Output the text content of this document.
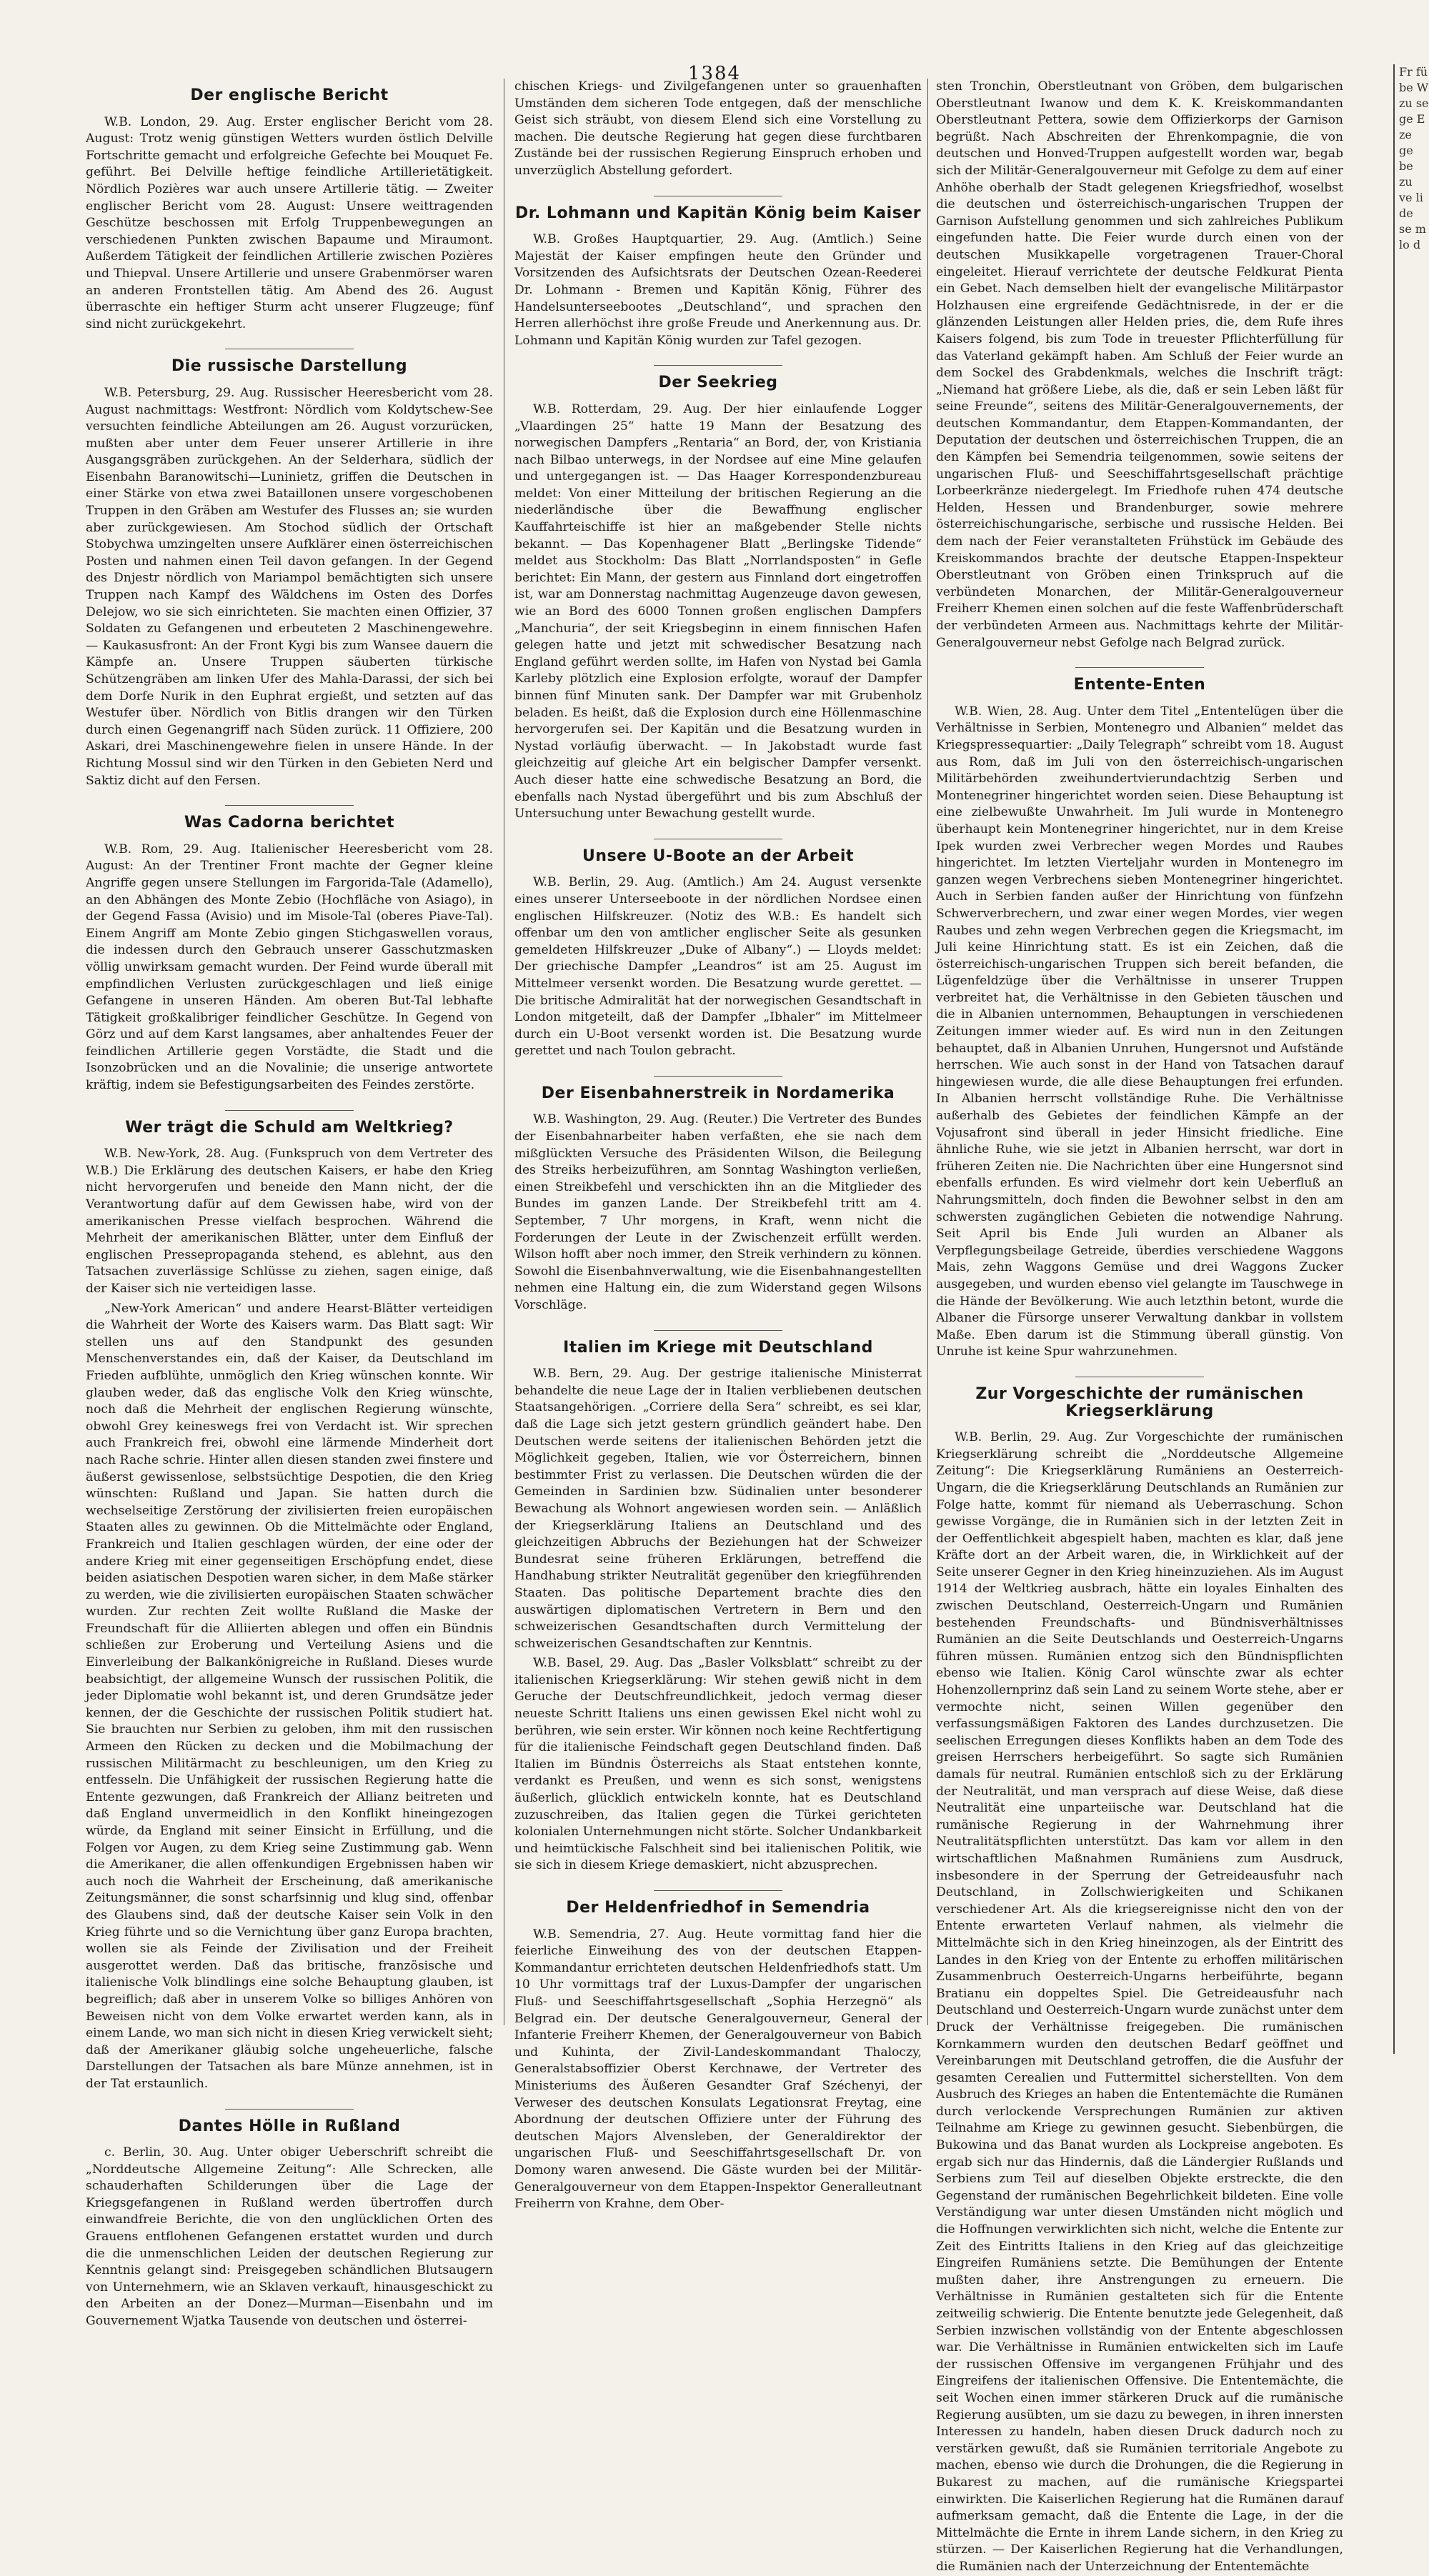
1384
Der englische Bericht

W.B. London, 29. Aug. Erster englischer Bericht vom 28. August: Trotz wenig günstigen Wetters wurden östlich Delville Fortschritte gemacht und erfolgreiche Gefechte bei Mouquet Fe. geführt. Bei Delville heftige feindliche Artillerietätigkeit. Nördlich Pozières war auch unsere Artillerie tätig. — Zweiter englischer Bericht vom 28. August: Unsere weittragenden Geschütze beschossen mit Erfolg Truppenbewegungen an verschiedenen Punkten zwischen Bapaume und Miraumont. Außerdem Tätigkeit der feindlichen Artillerie zwischen Pozières und Thiepval. Unsere Artillerie und unsere Grabenmörser waren an anderen Frontstellen tätig. Am Abend des 26. August überraschte ein heftiger Sturm acht unserer Flugzeuge; fünf sind nicht zurückgekehrt.

Die russische Darstellung

W.B. Petersburg, 29. Aug. Russischer Heeresbericht vom 28. August nachmittags: Westfront: Nördlich vom Koldytschew-See versuchten feindliche Abteilungen am 26. August vorzurücken, mußten aber unter dem Feuer unserer Artillerie in ihre Ausgangsgräben zurückgehen. An der Selderhara, südlich der Eisenbahn Baranowitschi—Luninietz, griffen die Deutschen in einer Stärke von etwa zwei Bataillonen unsere vorgeschobenen Truppen in den Gräben am Westufer des Flusses an; sie wurden aber zurückgewiesen. Am Stochod südlich der Ortschaft Stobychwa umzingelten unsere Aufklärer einen österreichischen Posten und nahmen einen Teil davon gefangen. In der Gegend des Dnjestr nördlich von Mariampol bemächtigten sich unsere Truppen nach Kampf des Wäldchens im Osten des Dorfes Delejow, wo sie sich einrichteten. Sie machten einen Offizier, 37 Soldaten zu Gefangenen und erbeuteten 2 Maschinengewehre. — Kaukasusfront: An der Front Kygi bis zum Wansee dauern die Kämpfe an. Unsere Truppen säuberten türkische Schützengräben am linken Ufer des Mahla-Darassi, der sich bei dem Dorfe Nurik in den Euphrat ergießt, und setzten auf das Westufer über. Nördlich von Bitlis drangen wir den Türken durch einen Gegenangriff nach Süden zurück. 11 Offiziere, 200 Askari, drei Maschinengewehre fielen in unsere Hände. In der Richtung Mossul sind wir den Türken in den Gebieten Nerd und Saktiz dicht auf den Fersen.

Was Cadorna berichtet

W.B. Rom, 29. Aug. Italienischer Heeresbericht vom 28. August: An der Trentiner Front machte der Gegner kleine Angriffe gegen unsere Stellungen im Fargorida-Tale (Adamello), an den Abhängen des Monte Zebio (Hochfläche von Asiago), in der Gegend Fassa (Avisio) und im Misole-Tal (oberes Piave-Tal). Einem Angriff am Monte Zebio gingen Stichgaswellen voraus, die indessen durch den Gebrauch unserer Gasschutzmasken völlig unwirksam gemacht wurden. Der Feind wurde überall mit empfindlichen Verlusten zurückgeschlagen und ließ einige Gefangene in unseren Händen. Am oberen But-Tal lebhafte Tätigkeit großkalibriger feindlicher Geschütze. In Gegend von Görz und auf dem Karst langsames, aber anhaltendes Feuer der feindlichen Artillerie gegen Vorstädte, die Stadt und die Isonzobrücken und an die Novalinie; die unserige antwortete kräftig, indem sie Befestigungsarbeiten des Feindes zerstörte.

Wer trägt die Schuld am Weltkrieg?

W.B. New-York, 28. Aug. (Funkspruch von dem Vertreter des W.B.) Die Erklärung des deutschen Kaisers, er habe den Krieg nicht hervorgerufen und beneide den Mann nicht, der die Verantwortung dafür auf dem Gewissen habe, wird von der amerikanischen Presse vielfach besprochen. Während die Mehrheit der amerikanischen Blätter, unter dem Einfluß der englischen Pressepropaganda stehend, es ablehnt, aus den Tatsachen zuverlässige Schlüsse zu ziehen, sagen einige, daß der Kaiser sich nie verteidigen lasse.

„New-York American“ und andere Hearst-Blätter verteidigen die Wahrheit der Worte des Kaisers warm. Das Blatt sagt: Wir stellen uns auf den Standpunkt des gesunden Menschenverstandes ein, daß der Kaiser, da Deutschland im Frieden aufblühte, unmöglich den Krieg wünschen konnte. Wir glauben weder, daß das englische Volk den Krieg wünschte, noch daß die Mehrheit der englischen Regierung wünschte, obwohl Grey keineswegs frei von Verdacht ist. Wir sprechen auch Frankreich frei, obwohl eine lärmende Minderheit dort nach Rache schrie. Hinter allen diesen standen zwei finstere und äußerst gewissenlose, selbstsüchtige Despotien, die den Krieg wünschten: Rußland und Japan. Sie hatten durch die wechselseitige Zerstörung der zivilisierten freien europäischen Staaten alles zu gewinnen. Ob die Mittelmächte oder England, Frankreich und Italien geschlagen würden, der eine oder der andere Krieg mit einer gegenseitigen Erschöpfung endet, diese beiden asiatischen Despotien waren sicher, in dem Maße stärker zu werden, wie die zivilisierten europäischen Staaten schwächer wurden. Zur rechten Zeit wollte Rußland die Maske der Freundschaft für die Alliierten ablegen und offen ein Bündnis schließen zur Eroberung und Verteilung Asiens und die Einverleibung der Balkankönigreiche in Rußland. Dieses wurde beabsichtigt, der allgemeine Wunsch der russischen Politik, die jeder Diplomatie wohl bekannt ist, und deren Grundsätze jeder kennen, der die Geschichte der russischen Politik studiert hat. Sie brauchten nur Serbien zu geloben, ihm mit den russischen Armeen den Rücken zu decken und die Mobilmachung der russischen Militärmacht zu beschleunigen, um den Krieg zu entfesseln. Die Unfähigkeit der russischen Regierung hatte die Entente gezwungen, daß Frankreich der Allianz beitreten und daß England unvermeidlich in den Konflikt hineingezogen würde, da England mit seiner Einsicht in Erfüllung, und die Folgen vor Augen, zu dem Krieg seine Zustimmung gab. Wenn die Amerikaner, die allen offenkundigen Ergebnissen haben wir auch noch die Wahrheit der Erscheinung, daß amerikanische Zeitungsmänner, die sonst scharfsinnig und klug sind, offenbar des Glaubens sind, daß der deutsche Kaiser sein Volk in den Krieg führte und so die Vernichtung über ganz Europa brachten, wollen sie als Feinde der Zivilisation und der Freiheit ausgerottet werden. Daß das britische, französische und italienische Volk blindlings eine solche Behauptung glauben, ist begreiflich; daß aber in unserem Volke so billiges Anhören von Beweisen nicht von dem Volke erwartet werden kann, als in einem Lande, wo man sich nicht in diesen Krieg verwickelt sieht; daß der Amerikaner gläubig solche ungeheuerliche, falsche Darstellungen der Tatsachen als bare Münze annehmen, ist in der Tat erstaunlich.

Dantes Hölle in Rußland

c. Berlin, 30. Aug. Unter obiger Ueberschrift schreibt die „Norddeutsche Allgemeine Zeitung“: Alle Schrecken, alle schauderhaften Schilderungen über die Lage der Kriegsgefangenen in Rußland werden übertroffen durch einwandfreie Berichte, die von den unglücklichen Orten des Grauens entflohenen Gefangenen erstattet wurden und durch die die unmenschlichen Leiden der deutschen Regierung zur Kenntnis gelangt sind: Preisgegeben schändlichen Blutsaugern von Unternehmern, wie an Sklaven verkauft, hinausgeschickt zu den Arbeiten an der Donez—Murman—Eisenbahn und im Gouvernement Wjatka Tausende von deutschen und österrei-

chischen Kriegs- und Zivilgefangenen unter so grauenhaften Umständen dem sicheren Tode entgegen, daß der menschliche Geist sich sträubt, von diesem Elend sich eine Vorstellung zu machen. Die deutsche Regierung hat gegen diese furchtbaren Zustände bei der russischen Regierung Einspruch erhoben und unverzüglich Abstellung gefordert.

Dr. Lohmann und Kapitän König beim Kaiser

W.B. Großes Hauptquartier, 29. Aug. (Amtlich.) Seine Majestät der Kaiser empfingen heute den Gründer und Vorsitzenden des Aufsichtsrats der Deutschen Ozean-Reederei Dr. Lohmann - Bremen und Kapitän König, Führer des Handelsunterseebootes „Deutschland“, und sprachen den Herren allerhöchst ihre große Freude und Anerkennung aus. Dr. Lohmann und Kapitän König wurden zur Tafel gezogen.

Der Seekrieg

W.B. Rotterdam, 29. Aug. Der hier einlaufende Logger „Vlaardingen 25“ hatte 19 Mann der Besatzung des norwegischen Dampfers „Rentaria“ an Bord, der, von Kristiania nach Bilbao unterwegs, in der Nordsee auf eine Mine gelaufen und untergegangen ist. — Das Haager Korrespondenzbureau meldet: Von einer Mitteilung der britischen Regierung an die niederländische über die Bewaffnung englischer Kauffahrteischiffe ist hier an maßgebender Stelle nichts bekannt. — Das Kopenhagener Blatt „Berlingske Tidende“ meldet aus Stockholm: Das Blatt „Norrlandsposten“ in Gefle berichtet: Ein Mann, der gestern aus Finnland dort eingetroffen ist, war am Donnerstag nachmittag Augenzeuge davon gewesen, wie an Bord des 6000 Tonnen großen englischen Dampfers „Manchuria“, der seit Kriegsbeginn in einem finnischen Hafen gelegen hatte und jetzt mit schwedischer Besatzung nach England geführt werden sollte, im Hafen von Nystad bei Gamla Karleby plötzlich eine Explosion erfolgte, worauf der Dampfer binnen fünf Minuten sank. Der Dampfer war mit Grubenholz beladen. Es heißt, daß die Explosion durch eine Höllenmaschine hervorgerufen sei. Der Kapitän und die Besatzung wurden in Nystad vorläufig überwacht. — In Jakobstadt wurde fast gleichzeitig auf gleiche Art ein belgischer Dampfer versenkt. Auch dieser hatte eine schwedische Besatzung an Bord, die ebenfalls nach Nystad übergeführt und bis zum Abschluß der Untersuchung unter Bewachung gestellt wurde.

Unsere U-Boote an der Arbeit

W.B. Berlin, 29. Aug. (Amtlich.) Am 24. August versenkte eines unserer Unterseeboote in der nördlichen Nordsee einen englischen Hilfskreuzer. (Notiz des W.B.: Es handelt sich offenbar um den von amtlicher englischer Seite als gesunken gemeldeten Hilfskreuzer „Duke of Albany“.) — Lloyds meldet: Der griechische Dampfer „Leandros“ ist am 25. August im Mittelmeer versenkt worden. Die Besatzung wurde gerettet. — Die britische Admiralität hat der norwegischen Gesandtschaft in London mitgeteilt, daß der Dampfer „Ibhaler“ im Mittelmeer durch ein U-Boot versenkt worden ist. Die Besatzung wurde gerettet und nach Toulon gebracht.

Der Eisenbahnerstreik in Nordamerika

W.B. Washington, 29. Aug. (Reuter.) Die Vertreter des Bundes der Eisenbahnarbeiter haben verfaßten, ehe sie nach dem mißglückten Versuche des Präsidenten Wilson, die Beilegung des Streiks herbeizuführen, am Sonntag Washington verließen, einen Streikbefehl und verschickten ihn an die Mitglieder des Bundes im ganzen Lande. Der Streikbefehl tritt am 4. September, 7 Uhr morgens, in Kraft, wenn nicht die Forderungen der Leute in der Zwischenzeit erfüllt werden. Wilson hofft aber noch immer, den Streik verhindern zu können. Sowohl die Eisenbahnverwaltung, wie die Eisenbahnangestellten nehmen eine Haltung ein, die zum Widerstand gegen Wilsons Vorschläge.

Italien im Kriege mit Deutschland

W.B. Bern, 29. Aug. Der gestrige italienische Ministerrat behandelte die neue Lage der in Italien verbliebenen deutschen Staatsangehörigen. „Corriere della Sera“ schreibt, es sei klar, daß die Lage sich jetzt gestern gründlich geändert habe. Den Deutschen werde seitens der italienischen Behörden jetzt die Möglichkeit gegeben, Italien, wie vor Österreichern, binnen bestimmter Frist zu verlassen. Die Deutschen würden die der Gemeinden in Sardinien bzw. Südinalien unter besonderer Bewachung als Wohnort angewiesen worden sein. — Anläßlich der Kriegserklärung Italiens an Deutschland und des gleichzeitigen Abbruchs der Beziehungen hat der Schweizer Bundesrat seine früheren Erklärungen, betreffend die Handhabung strikter Neutralität gegenüber den kriegführenden Staaten. Das politische Departement brachte dies den auswärtigen diplomatischen Vertretern in Bern und den schweizerischen Gesandtschaften durch Vermittelung der schweizerischen Gesandtschaften zur Kenntnis.

W.B. Basel, 29. Aug. Das „Basler Volksblatt“ schreibt zu der italienischen Kriegserklärung: Wir stehen gewiß nicht in dem Geruche der Deutschfreundlichkeit, jedoch vermag dieser neueste Schritt Italiens uns einen gewissen Ekel nicht wohl zu berühren, wie sein erster. Wir können noch keine Rechtfertigung für die italienische Feindschaft gegen Deutschland finden. Daß Italien im Bündnis Österreichs als Staat entstehen konnte, verdankt es Preußen, und wenn es sich sonst, wenigstens äußerlich, glücklich entwickeln konnte, hat es Deutschland zuzuschreiben, das Italien gegen die Türkei gerichteten kolonialen Unternehmungen nicht störte. Solcher Undankbarkeit und heimtückische Falschheit sind bei italienischen Politik, wie sie sich in diesem Kriege demaskiert, nicht abzusprechen.

Der Heldenfriedhof in Semendria

W.B. Semendria, 27. Aug. Heute vormittag fand hier die feierliche Einweihung des von der deutschen Etappen-Kommandantur errichteten deutschen Heldenfriedhofs statt. Um 10 Uhr vormittags traf der Luxus-Dampfer der ungarischen Fluß- und Seeschiffahrtsgesellschaft „Sophia Herzegnö“ als Belgrad ein. Der deutsche Generalgouverneur, General der Infanterie Freiherr Khemen, der Generalgouverneur von Babich und Kuhinta, der Zivil-Landeskommandant Thaloczy, Generalstabsoffizier Oberst Kerchnawe, der Vertreter des Ministeriums des Äußeren Gesandter Graf Széchenyi, der Verweser des deutschen Konsulats Legationsrat Freytag, eine Abordnung der deutschen Offiziere unter der Führung des deutschen Majors Alvensleben, der Generaldirektor der ungarischen Fluß- und Seeschiffahrtsgesellschaft Dr. von Domony waren anwesend. Die Gäste wurden bei der Militär-Generalgouverneur von dem Etappen-Inspektor Generalleutnant Freiherrn von Krahne, dem Ober-

sten Tronchin, Oberstleutnant von Gröben, dem bulgarischen Oberstleutnant Iwanow und dem K. K. Kreiskommandanten Oberstleutnant Pettera, sowie dem Offizierkorps der Garnison begrüßt. Nach Abschreiten der Ehrenkompagnie, die von deutschen und Honved-Truppen aufgestellt worden war, begab sich der Militär-Generalgouverneur mit Gefolge zu dem auf einer Anhöhe oberhalb der Stadt gelegenen Kriegsfriedhof, woselbst die deutschen und österreichisch-ungarischen Truppen der Garnison Aufstellung genommen und sich zahlreiches Publikum eingefunden hatte. Die Feier wurde durch einen von der deutschen Musikkapelle vorgetragenen Trauer-Choral eingeleitet. Hierauf verrichtete der deutsche Feldkurat Pienta ein Gebet. Nach demselben hielt der evangelische Militärpastor Holzhausen eine ergreifende Gedächtnisrede, in der er die glänzenden Leistungen aller Helden pries, die, dem Rufe ihres Kaisers folgend, bis zum Tode in treuester Pflichterfüllung für das Vaterland gekämpft haben. Am Schluß der Feier wurde an dem Sockel des Grabdenkmals, welches die Inschrift trägt: „Niemand hat größere Liebe, als die, daß er sein Leben läßt für seine Freunde“, seitens des Militär-Generalgouvernements, der deutschen Kommandantur, dem Etappen-Kommandanten, der Deputation der deutschen und österreichischen Truppen, die an den Kämpfen bei Semendria teilgenommen, sowie seitens der ungarischen Fluß- und Seeschiffahrtsgesellschaft prächtige Lorbeerkränze niedergelegt. Im Friedhofe ruhen 474 deutsche Helden, Hessen und Brandenburger, sowie mehrere österreichischungarische, serbische und russische Helden. Bei dem nach der Feier veranstalteten Frühstück im Gebäude des Kreiskommandos brachte der deutsche Etappen-Inspekteur Oberstleutnant von Gröben einen Trinkspruch auf die verbündeten Monarchen, der Militär-Generalgouverneur Freiherr Khemen einen solchen auf die feste Waffenbrüderschaft der verbündeten Armeen aus. Nachmittags kehrte der Militär-Generalgouverneur nebst Gefolge nach Belgrad zurück.

Entente-Enten

W.B. Wien, 28. Aug. Unter dem Titel „Ententelügen über die Verhältnisse in Serbien, Montenegro und Albanien“ meldet das Kriegspressequartier: „Daily Telegraph“ schreibt vom 18. August aus Rom, daß im Juli von den österreichisch-ungarischen Militärbehörden zweihundertvierundachtzig Serben und Montenegriner hingerichtet worden seien. Diese Behauptung ist eine zielbewußte Unwahrheit. Im Juli wurde in Montenegro überhaupt kein Montenegriner hingerichtet, nur in dem Kreise Ipek wurden zwei Verbrecher wegen Mordes und Raubes hingerichtet. Im letzten Vierteljahr wurden in Montenegro im ganzen wegen Verbrechens sieben Montenegriner hingerichtet. Auch in Serbien fanden außer der Hinrichtung von fünfzehn Schwerverbrechern, und zwar einer wegen Mordes, vier wegen Raubes und zehn wegen Verbrechen gegen die Kriegsmacht, im Juli keine Hinrichtung statt. Es ist ein Zeichen, daß die österreichisch-ungarischen Truppen sich bereit befanden, die Lügenfeldzüge über die Verhältnisse in unserer Truppen verbreitet hat, die Verhältnisse in den Gebieten täuschen und die in Albanien unternommen, Behauptungen in verschiedenen Zeitungen immer wieder auf. Es wird nun in den Zeitungen behauptet, daß in Albanien Unruhen, Hungersnot und Aufstände herrschen. Wie auch sonst in der Hand von Tatsachen darauf hingewiesen wurde, die alle diese Behauptungen frei erfunden. In Albanien herrscht vollständige Ruhe. Die Verhältnisse außerhalb des Gebietes der feindlichen Kämpfe an der Vojusafront sind überall in jeder Hinsicht friedliche. Eine ähnliche Ruhe, wie sie jetzt in Albanien herrscht, war dort in früheren Zeiten nie. Die Nachrichten über eine Hungersnot sind ebenfalls erfunden. Es wird vielmehr dort kein Ueberfluß an Nahrungsmitteln, doch finden die Bewohner selbst in den am schwersten zugänglichen Gebieten die notwendige Nahrung. Seit April bis Ende Juli wurden an Albaner als Verpflegungsbeilage Getreide, überdies verschiedene Waggons Mais, zehn Waggons Gemüse und drei Waggons Zucker ausgegeben, und wurden ebenso viel gelangte im Tauschwege in die Hände der Bevölkerung. Wie auch letzthin betont, wurde die Albaner die Fürsorge unserer Verwaltung dankbar in vollstem Maße. Eben darum ist die Stimmung überall günstig. Von Unruhe ist keine Spur wahrzunehmen.

Zur Vorgeschichte der rumänischen Kriegserklärung

W.B. Berlin, 29. Aug. Zur Vorgeschichte der rumänischen Kriegserklärung schreibt die „Norddeutsche Allgemeine Zeitung“: Die Kriegserklärung Rumäniens an Oesterreich-Ungarn, die die Kriegserklärung Deutschlands an Rumänien zur Folge hatte, kommt für niemand als Ueberraschung. Schon gewisse Vorgänge, die in Rumänien sich in der letzten Zeit in der Oeffentlichkeit abgespielt haben, machten es klar, daß jene Kräfte dort an der Arbeit waren, die, in Wirklichkeit auf der Seite unserer Gegner in den Krieg hineinzuziehen. Als im August 1914 der Weltkrieg ausbrach, hätte ein loyales Einhalten des zwischen Deutschland, Oesterreich-Ungarn und Rumänien bestehenden Freundschafts- und Bündnisverhältnisses Rumänien an die Seite Deutschlands und Oesterreich-Ungarns führen müssen. Rumänien entzog sich den Bündnispflichten ebenso wie Italien. König Carol wünschte zwar als echter Hohenzollernprinz daß sein Land zu seinem Worte stehe, aber er vermochte nicht, seinen Willen gegenüber den verfassungsmäßigen Faktoren des Landes durchzusetzen. Die seelischen Erregungen dieses Konflikts haben an dem Tode des greisen Herrschers herbeigeführt. So sagte sich Rumänien damals für neutral. Rumänien entschloß sich zu der Erklärung der Neutralität, und man versprach auf diese Weise, daß diese Neutralität eine unparteiische war. Deutschland hat die rumänische Regierung in der Wahrnehmung ihrer Neutralitätspflichten unterstützt. Das kam vor allem in den wirtschaftlichen Maßnahmen Rumäniens zum Ausdruck, insbesondere in der Sperrung der Getreideausfuhr nach Deutschland, in Zollschwierigkeiten und Schikanen verschiedener Art. Als die kriegsereignisse nicht den von der Entente erwarteten Verlauf nahmen, als vielmehr die Mittelmächte sich in den Krieg hineinzogen, als der Eintritt des Landes in den Krieg von der Entente zu erhoffen militärischen Zusammenbruch Oesterreich-Ungarns herbeiführte, begann Bratianu ein doppeltes Spiel. Die Getreideausfuhr nach Deutschland und Oesterreich-Ungarn wurde zunächst unter dem Druck der Verhältnisse freigegeben. Die rumänischen Kornkammern wurden den deutschen Bedarf geöffnet und Vereinbarungen mit Deutschland getroffen, die die Ausfuhr der gesamten Cerealien und Futtermittel sicherstellten. Von dem Ausbruch des Krieges an haben die Ententemächte die Rumänen durch verlockende Versprechungen Rumänien zur aktiven Teilnahme am Kriege zu gewinnen gesucht. Siebenbürgen, die Bukowina und das Banat wurden als Lockpreise angeboten. Es ergab sich nur das Hindernis, daß die Ländergier Rußlands und Serbiens zum Teil auf dieselben Objekte erstreckte, die den Gegenstand der rumänischen Begehrlichkeit bildeten. Eine volle Verständigung war unter diesen Umständen nicht möglich und die Hoffnungen verwirklichten sich nicht, welche die Entente zur Zeit des Eintritts Italiens in den Krieg auf das gleichzeitige Eingreifen Rumäniens setzte. Die Bemühungen der Entente mußten daher, ihre Anstrengungen zu erneuern. Die Verhältnisse in Rumänien gestalteten sich für die Entente zeitweilig schwierig. Die Entente benutzte jede Gelegenheit, daß Serbien inzwischen vollständig von der Entente abgeschlossen war. Die Verhältnisse in Rumänien entwickelten sich im Laufe der russischen Offensive im vergangenen Frühjahr und des Eingreifens der italienischen Offensive. Die Ententemächte, die seit Wochen einen immer stärkeren Druck auf die rumänische Regierung ausübten, um sie dazu zu bewegen, in ihren innersten Interessen zu handeln, haben diesen Druck dadurch noch zu verstärken gewußt, daß sie Rumänien territoriale Angebote zu machen, ebenso wie durch die Drohungen, die die Regierung in Bukarest zu machen, auf die rumänische Kriegspartei einwirkten. Die Kaiserlichen Regierung hat die Rumänen darauf aufmerksam gemacht, daß die Entente die Lage, in der die Mittelmächte die Ernte in ihrem Lande sichern, in den Krieg zu stürzen. — Der Kaiserlichen Regierung hat die Verhandlungen, die Rumänien nach der Unterzeichnung der Ententemächte

Fr fü be W zu se ge E ze ge be zu ve li de se m lo d
